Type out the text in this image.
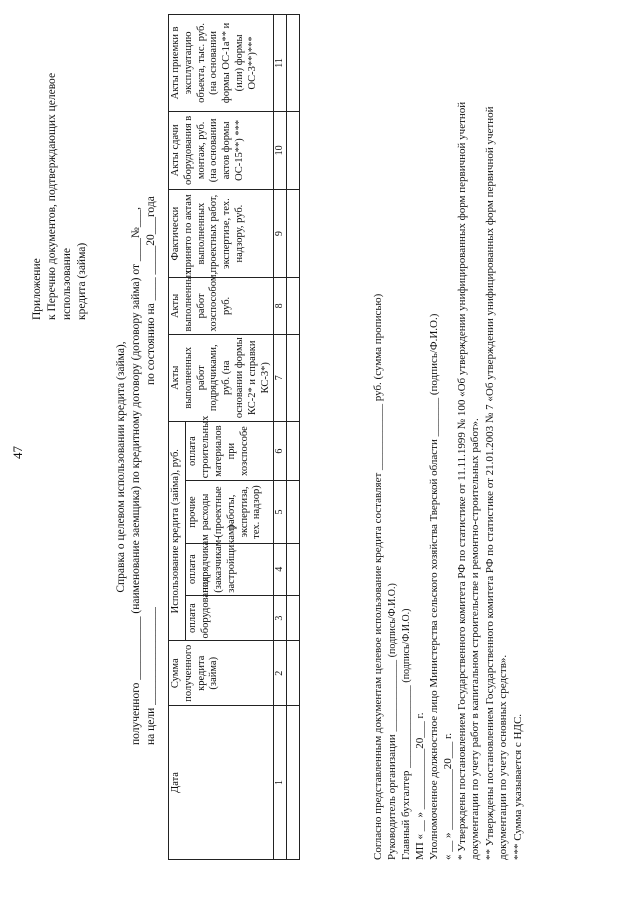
47
Приложение к Перечню документов, подтверждающих целевое использование кредита (займа)
Справка о целевом использовании кредита (займа), полученного ___________ (наименование заемщика) по кредитному договору (договору займа) от ____№___, на цели _________________
по состоянию на ____ _____20___года
Дата	Сумма полученного кредита (займа)	Использование кредита (займа), руб.				Акты выполненных работ подрядчиками, руб. (на основании формы КС-2* и справки КС-3*)	Акты выполненных работ хозспособом, руб.	Фактически принято по актам выполненных проектных работ, экспертизе, тех. надзору, руб.	Акты сдачи оборудования в монтаж, руб. (на основании актов формы ОС-15**) ***	Акты приемки в эксплуатацию объекта, тыс. руб. (на основании формы ОС-1а** и (или) формы ОС-3**)***
		оплата оборудования	оплата подрядчикам (заказчикам-застройщикам)	прочие расходы (проектные работы, экспертиза, тех. надзор)	оплата строительных материалов при хозспособе					
1	2	3	4	5	6	7	8	9	10	11

Согласно представленным документам целевое использование кредита составляет ____________ руб. (сумма прописью) Руководитель организации _____________ (подпись/Ф.И.О.)
Главный бухгалтер _______________ (подпись/Ф.И.О.)
МП « __ » ___________20___ г. Уполномоченное должностное лицо Министерства сельского хозяйства Тверской области _______ (подпись/Ф.И.О.) « __ » ___________20___ г. * Утверждены постановлением Государственного комитета РФ по статистике от 11.11.1999 № 100 «Об утверждении унифицированных форм первичной учетной документации по учету работ в капитальном строительстве и ремонтно-строительных работ». ** Утверждены постановлением Государственного комитета РФ по статистике от 21.01.2003 № 7 «Об утверждении унифицированных форм первичной учетной документации по учету основных средств». *** Сумма указывается с НДС.
